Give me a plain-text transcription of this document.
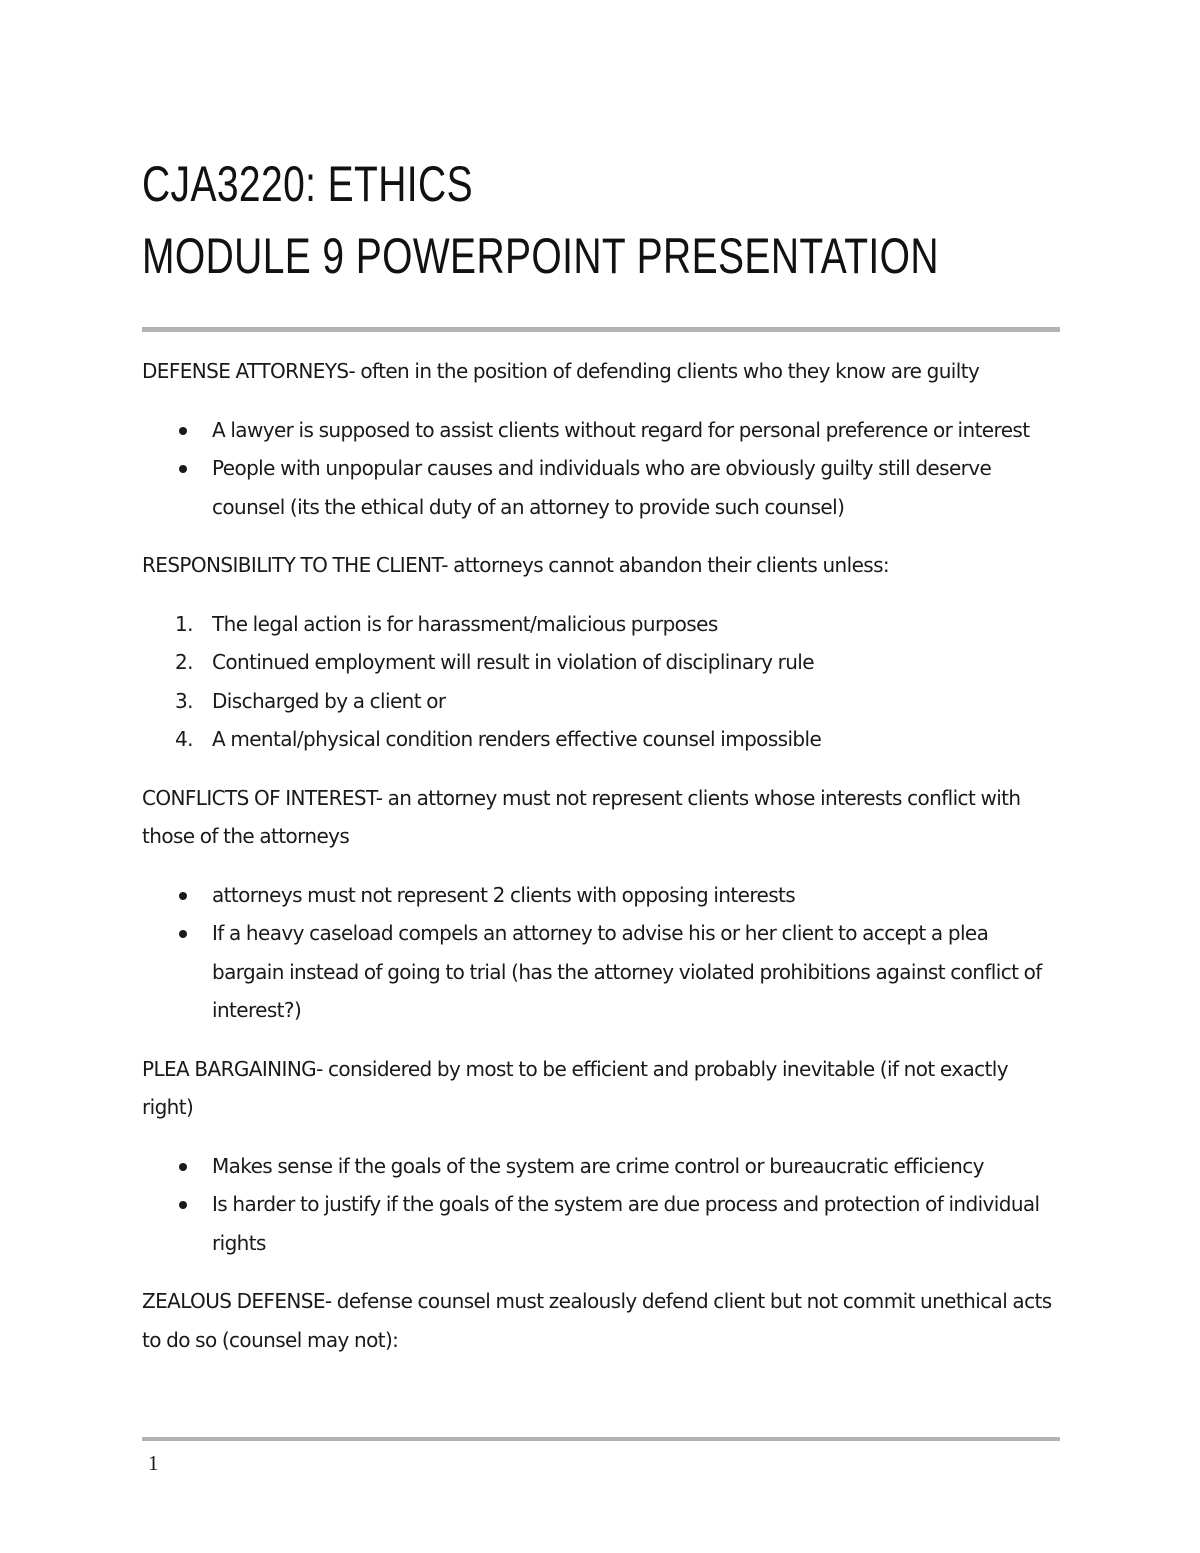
CJA3220: ETHICS
MODULE 9 POWERPOINT PRESENTATION

DEFENSE ATTORNEYS- often in the position of defending clients who they know are guilty

A lawyer is supposed to assist clients without regard for personal preference or interest
People with unpopular causes and individuals who are obviously guilty still deserve counsel (its the ethical duty of an attorney to provide such counsel)

RESPONSIBILITY TO THE CLIENT- attorneys cannot abandon their clients unless:

1. The legal action is for harassment/malicious purposes
2. Continued employment will result in violation of disciplinary rule
3. Discharged by a client or
4. A mental/physical condition renders effective counsel impossible

CONFLICTS OF INTEREST- an attorney must not represent clients whose interests conflict with those of the attorneys

attorneys must not represent 2 clients with opposing interests
If a heavy caseload compels an attorney to advise his or her client to accept a plea bargain instead of going to trial (has the attorney violated prohibitions against conflict of interest?)

PLEA BARGAINING- considered by most to be efficient and probably inevitable (if not exactly right)

Makes sense if the goals of the system are crime control or bureaucratic efficiency
Is harder to justify if the goals of the system are due process and protection of individual rights

ZEALOUS DEFENSE- defense counsel must zealously defend client but not commit unethical acts to do so (counsel may not):

1
